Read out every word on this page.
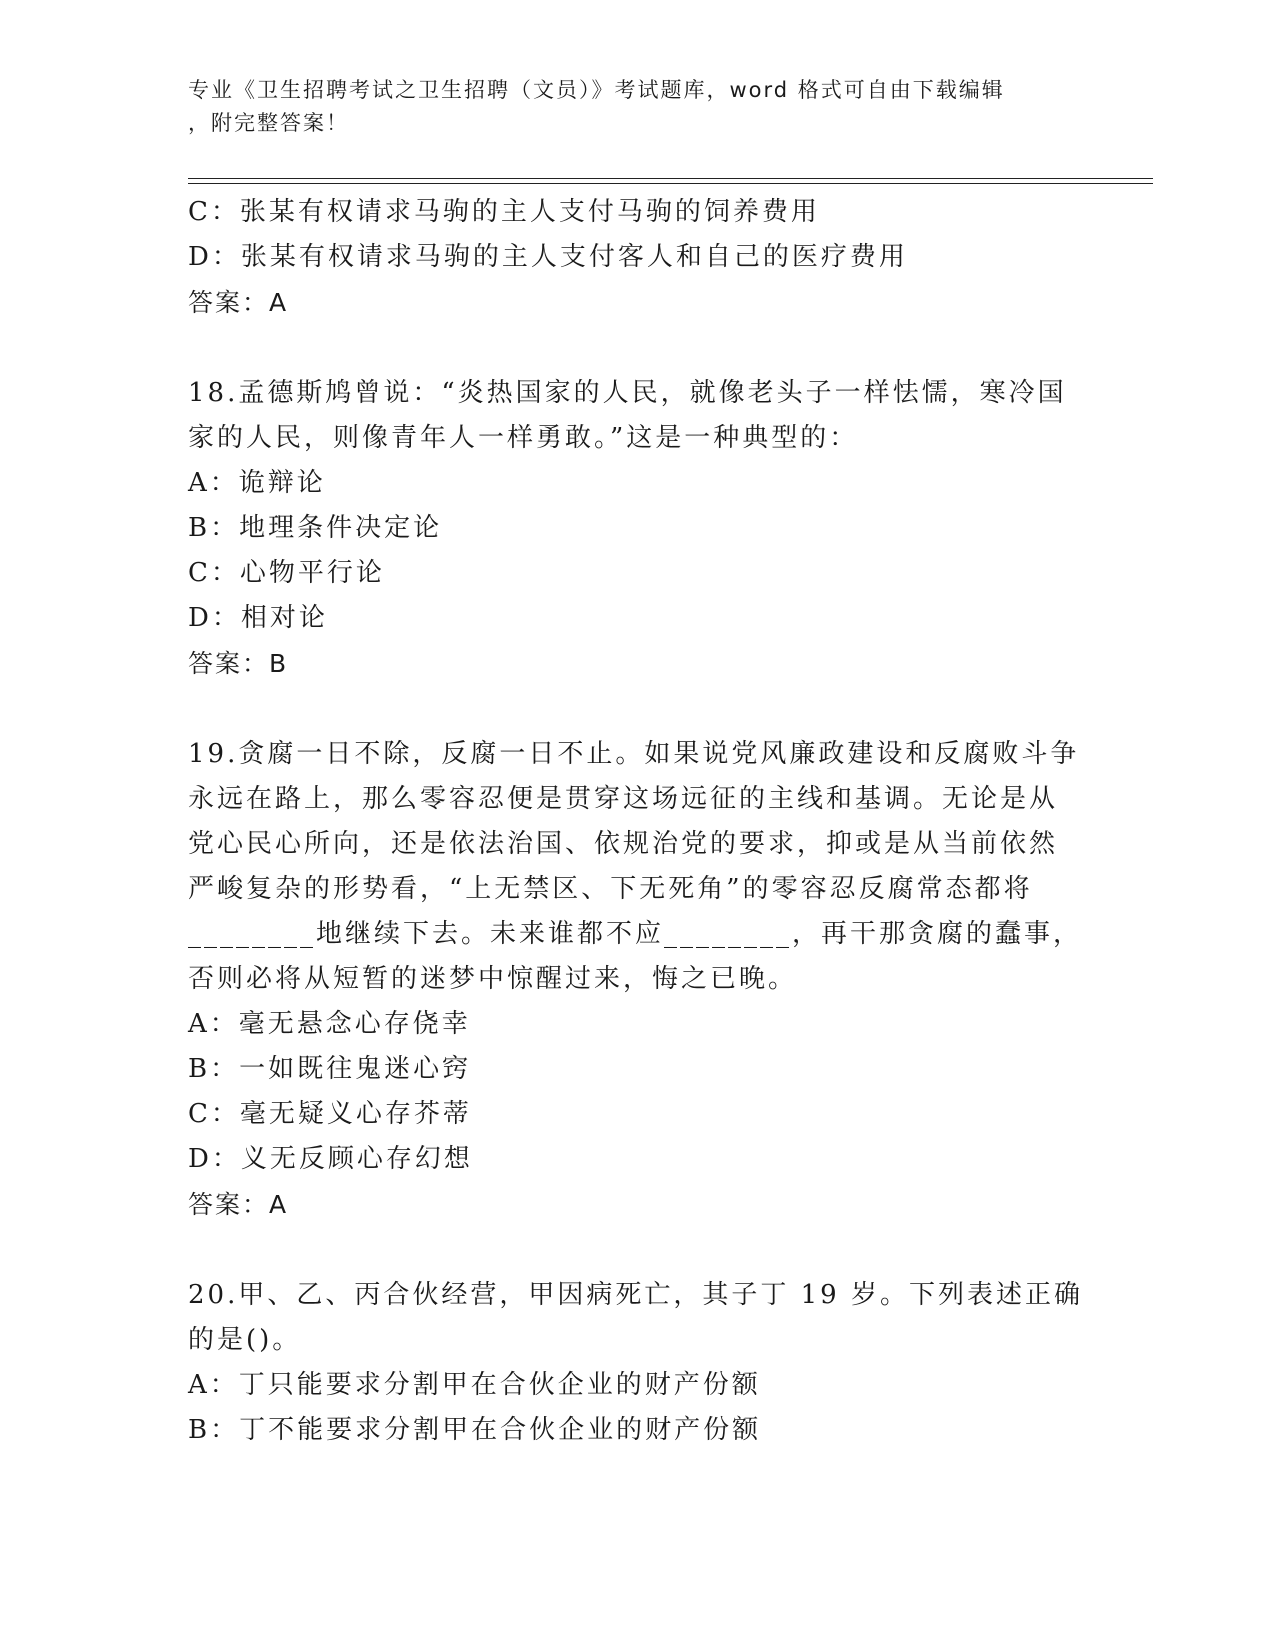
专业《卫生招聘考试之卫生招聘（文员）》考试题库，word 格式可自由下载编辑
，附完整答案！
C：张某有权请求马驹的主人支付马驹的饲养费用
D：张某有权请求马驹的主人支付客人和自己的医疗费用
答案：A
18.孟德斯鸠曾说：“炎热国家的人民，就像老头子一样怯懦，寒冷国
家的人民，则像青年人一样勇敢。”这是一种典型的：
A：诡辩论
B：地理条件决定论
C：心物平行论
D：相对论
答案：B
19.贪腐一日不除，反腐一日不止。如果说党风廉政建设和反腐败斗争
永远在路上，那么零容忍便是贯穿这场远征的主线和基调。无论是从
党心民心所向，还是依法治国、依规治党的要求，抑或是从当前依然
严峻复杂的形势看，“上无禁区、下无死角”的零容忍反腐常态都将
________地继续下去。未来谁都不应________，再干那贪腐的蠢事，
否则必将从短暂的迷梦中惊醒过来，悔之已晚。
A：毫无悬念心存侥幸
B：一如既往鬼迷心窍
C：毫无疑义心存芥蒂
D：义无反顾心存幻想
答案：A
20.甲、乙、丙合伙经营，甲因病死亡，其子丁 19 岁。下列表述正确
的是()。
A：丁只能要求分割甲在合伙企业的财产份额
B：丁不能要求分割甲在合伙企业的财产份额
